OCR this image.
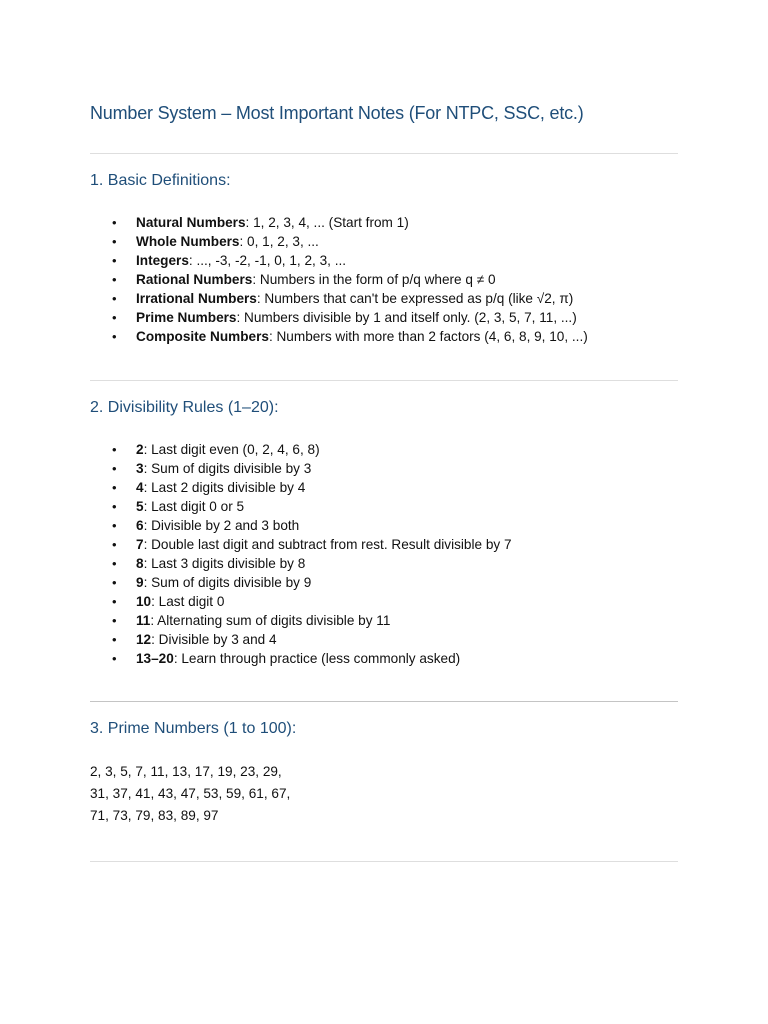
Number System – Most Important Notes (For NTPC, SSC, etc.)
1. Basic Definitions:
• Natural Numbers: 1, 2, 3, 4, ... (Start from 1)
• Whole Numbers: 0, 1, 2, 3, ...
• Integers: ..., -3, -2, -1, 0, 1, 2, 3, ...
• Rational Numbers: Numbers in the form of p/q where q ≠ 0
• Irrational Numbers: Numbers that can't be expressed as p/q (like √2, π)
• Prime Numbers: Numbers divisible by 1 and itself only. (2, 3, 5, 7, 11, ...)
• Composite Numbers: Numbers with more than 2 factors (4, 6, 8, 9, 10, ...)
2. Divisibility Rules (1–20):
• 2: Last digit even (0, 2, 4, 6, 8)
• 3: Sum of digits divisible by 3
• 4: Last 2 digits divisible by 4
• 5: Last digit 0 or 5
• 6: Divisible by 2 and 3 both
• 7: Double last digit and subtract from rest. Result divisible by 7
• 8: Last 3 digits divisible by 8
• 9: Sum of digits divisible by 9
• 10: Last digit 0
• 11: Alternating sum of digits divisible by 11
• 12: Divisible by 3 and 4
• 13–20: Learn through practice (less commonly asked)
3. Prime Numbers (1 to 100):
2, 3, 5, 7, 11, 13, 17, 19, 23, 29,
31, 37, 41, 43, 47, 53, 59, 61, 67,
71, 73, 79, 83, 89, 97
